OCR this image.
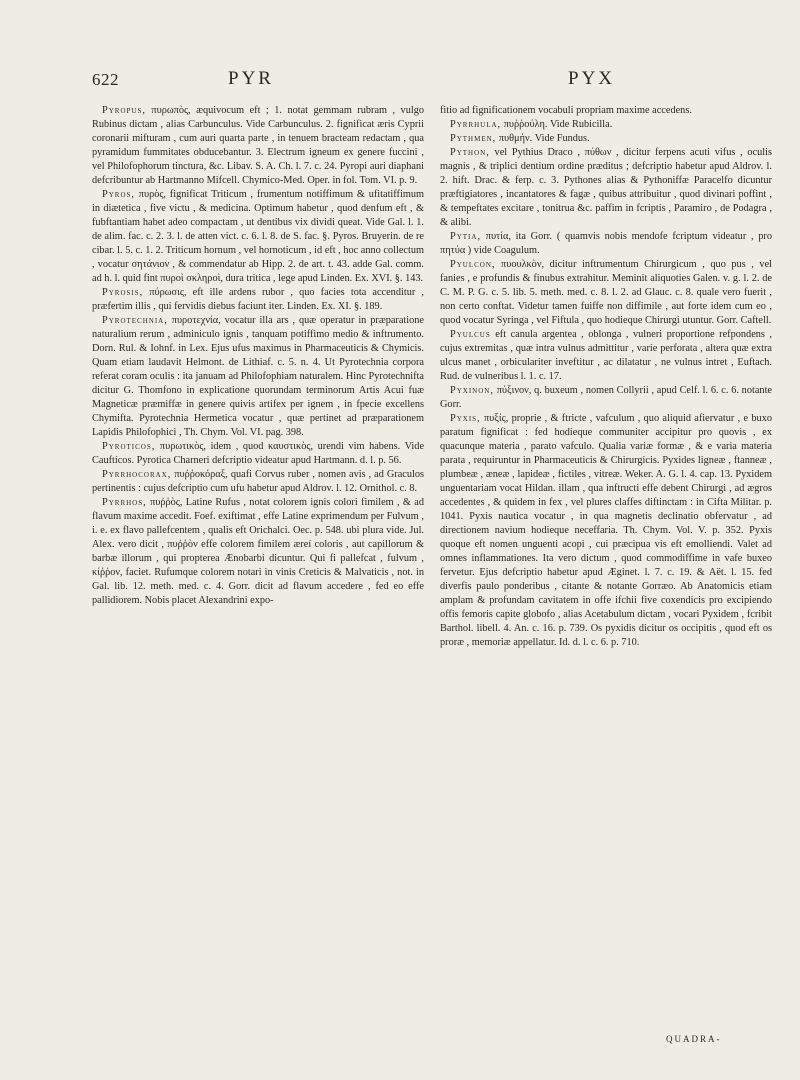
622	PYR	PYX

Pyropus, πυρωπὸς, æquivocum eft ; 1. notat gemmam rubram , vulgo Rubinus dictam , alias Carbunculus. Vide Carbunculus. 2. fignificat æris Cyprii coronarii mifturam , cum auri quarta parte , in tenuem bracteam redactam , qua pyramidum fummitates obducebantur. 3. Electrum igneum ex genere fuccini , vel Philofophorum tinctura, &c. Libav. S. A. Ch. l. 7. c. 24. Pyropi auri diaphani defcribuntur ab Hartmanno Mifcell. Chymico-Med. Oper. in fol. Tom. VI. p. 9.

Pyros, πυρὸς, fignificat Triticum , frumentum notiffimum & ufitatiffimum in diætetica , five victu , & medicina. Optimum habetur , quod denfum eft , & fubftantiam habet adeo compactam , ut dentibus vix dividi queat. Vide Gal. l. 1. de alim. fac. c. 2. 3. l. de atten vict. c. 6. l. 8. de S. fac. §. Pyros. Bruyerin. de re cibar. l. 5. c. 1. 2. Triticum hornum , vel hornoticum , id eft , hoc anno collectum , vocatur σητάνιον , & commendatur ab Hipp. 2. de art. t. 43. adde Gal. comm. ad h. l. quid fint πυροὶ σκληροὶ, dura tritica , lege apud Linden. Ex. XVI. §. 143.

Pyrosis, πύρωσις, eft ille ardens rubor , quo facies tota accenditur , præfertim illis , qui fervidis diebus faciunt iter. Linden. Ex. XI. §. 189.

Pyrotechnia, πυροτεχνία, vocatur illa ars , quæ operatur in præparatione naturalium rerum , adminiculo ignis , tanquam potiffimo medio & inftrumento. Dorn. Rul. & Iohnf. in Lex. Ejus ufus maximus in Pharmaceuticis & Chymicis. Quam etiam laudavit Helmont. de Lithiaf. c. 5. n. 4. Ut Pyrotechnia corpora referat coram oculis : ita januam ad Philofophiam naturalem. Hinc Pyrotechnifta dicitur G. Thomfono in explicatione quorundam terminorum Artis Acui fuæ Magneticæ præmiffæ in genere quivis artifex per ignem , in fpecie excellens Chymifta. Pyrotechnia Hermetica vocatur , quæ pertinet ad præparationem Lapidis Philofophici , Th. Chym. Vol. VI. pag. 398.

Pyroticos, πυρωτικὸς, idem , quod καυστικὸς, urendi vim habens. Vide Cauftícos. Pyrotica Charneri defcriptio videatur apud Hartmann. d. l. p. 56.

Pyrrhocorax, πυῤῥοκόραξ, quafi Corvus ruber , nomen avis , ad Graculos pertinentis : cujus defcriptio cum ufu habetur apud Aldrov. l. 12. Ornithol. c. 8.

Pyrrhos, πυῤῥὸς, Latine Rufus , notat colorem ignis colori fimilem , & ad flavum maxime accedit. Foef. exiftimat , effe Latine exprimendum per Fulvum , i. e. ex flavo pallefcentem , qualis eft Orichalci. Oec. p. 548. ubi plura vide. Jul. Alex. vero dicit , πυῤῥὸν effe colorem fimilem æreí coloris , aut capillorum & barbæ illorum , qui propterea Ænobarbi dicuntur. Qui fi pallefcat , fulvum , κίῤῥον, faciet. Rufumque colorem notari in vinis Creticis & Malvaticis , not. in Gal. lib. 12. meth. med. c. 4. Gorr. dicit ad flavum accedere , fed eo effe pallidiorem. Nobis placet Alexandrini expo-

fitio ad fignificationem vocabuli propriam maxime accedens.

Pyrrhula, πυῤῥούλη. Vide Rubicilla.

Pythmen, πυθμήν. Vide Fundus.

Python, vel Pythius Draco , πύθων , dicitur ferpens acuti vifus , oculis magnis , & triplici dentium ordine præditus ; defcriptio habetur apud Aldrov. l. 2. hift. Drac. & ferp. c. 3. Pythones alias & Pythoniffæ Paracelfo dicuntur præftigiatores , incantatores & fagæ , quibus attribuitur , quod divinari poffint , & tempeftates excitare , tonitrua &c. paffim in fcriptis , Paramiro , de Podagra , & alibi.

Pytia, πυτία, ita Gorr. ( quamvis nobis mendofe fcriptum videatur , pro πητύα ) vide Coagulum.

Pyulcon, πυουλκὸν, dicitur inftrumentum Chirurgicum , quo pus , vel fanies , e profundis & finubus extrahitur. Meminit aliquoties Galen. v. g. l. 2. de C. M. P. G. c. 5. lib. 5. meth. med. c. 8. l. 2. ad Glauc. c. 8. quale vero fuerit , non certo conftat. Videtur tamen fuiffe non diffimile , aut forte idem cum eo , quod vocatur Syringa , vel Fiftula , quo hodieque Chirurgi utuntur. Gorr. Caftell.

Pyulcus eft canula argentea , oblonga , vulneri proportione refpondens , cujus extremitas , quæ intra vulnus admittitur , varie perforata , altera quæ extra ulcus manet , orbiculariter inveftitur , ac dilatatur , ne vulnus intret , Euftach. Rud. de vulneribus l. 1. c. 17.

Pyxinon, πύξινον, q. buxeum , nomen Collyrii , apud Celf. l. 6. c. 6. notante Gorr.

Pyxis, πυξίς, proprie , & ftricte , vafculum , quo aliquid afiervatur , e buxo paratum fignificat : fed hodieque communiter accipitur pro quovis , ex quacunque materia , parato vafculo. Qualia variæ formæ , & e varia materia parata , requiruntur in Pharmaceuticis & Chirurgicis. Pyxides ligneæ , ftanneæ , plumbeæ , æneæ , lapideæ , fictiles , vitreæ. Weker. A. G. l. 4. cap. 13. Pyxidem unguentariam vocat Hildan. illam , qua inftructi effe debent Chirurgi , ad ægros accedentes , & quidem in fex , vel plures claffes diftinctam : in Cifta Militar. p. 1041. Pyxis nautica vocatur , in qua magnetis declinatio obfervatur , ad directionem navium hodieque neceffaria. Th. Chym. Vol. V. p. 352. Pyxis quoque eft nomen unguenti acopi , cui præcipua vis eft emolliendi. Valet ad omnes inflammationes. Ita vero dictum , quod commodiffime in vafe buxeo fervetur. Ejus defcriptio habetur apud Æginet. l. 7. c. 19. & Aët. l. 15. fed diverfis paulo ponderibus , citante & notante Gorræo. Ab Anatomicis etiam amplam & profundam cavitatem in offe ifchii five coxendicis pro excipiendo offis femoris capite globofo , alias Acetabulum dictam , vocari Pyxidem , fcribit Barthol. libell. 4. An. c. 16. p. 739. Os pyxidis dicitur os occipitis , quod eft os proræ , memoriæ appellatur. Id. d. l. c. 6. p. 710.

QUADRA-
